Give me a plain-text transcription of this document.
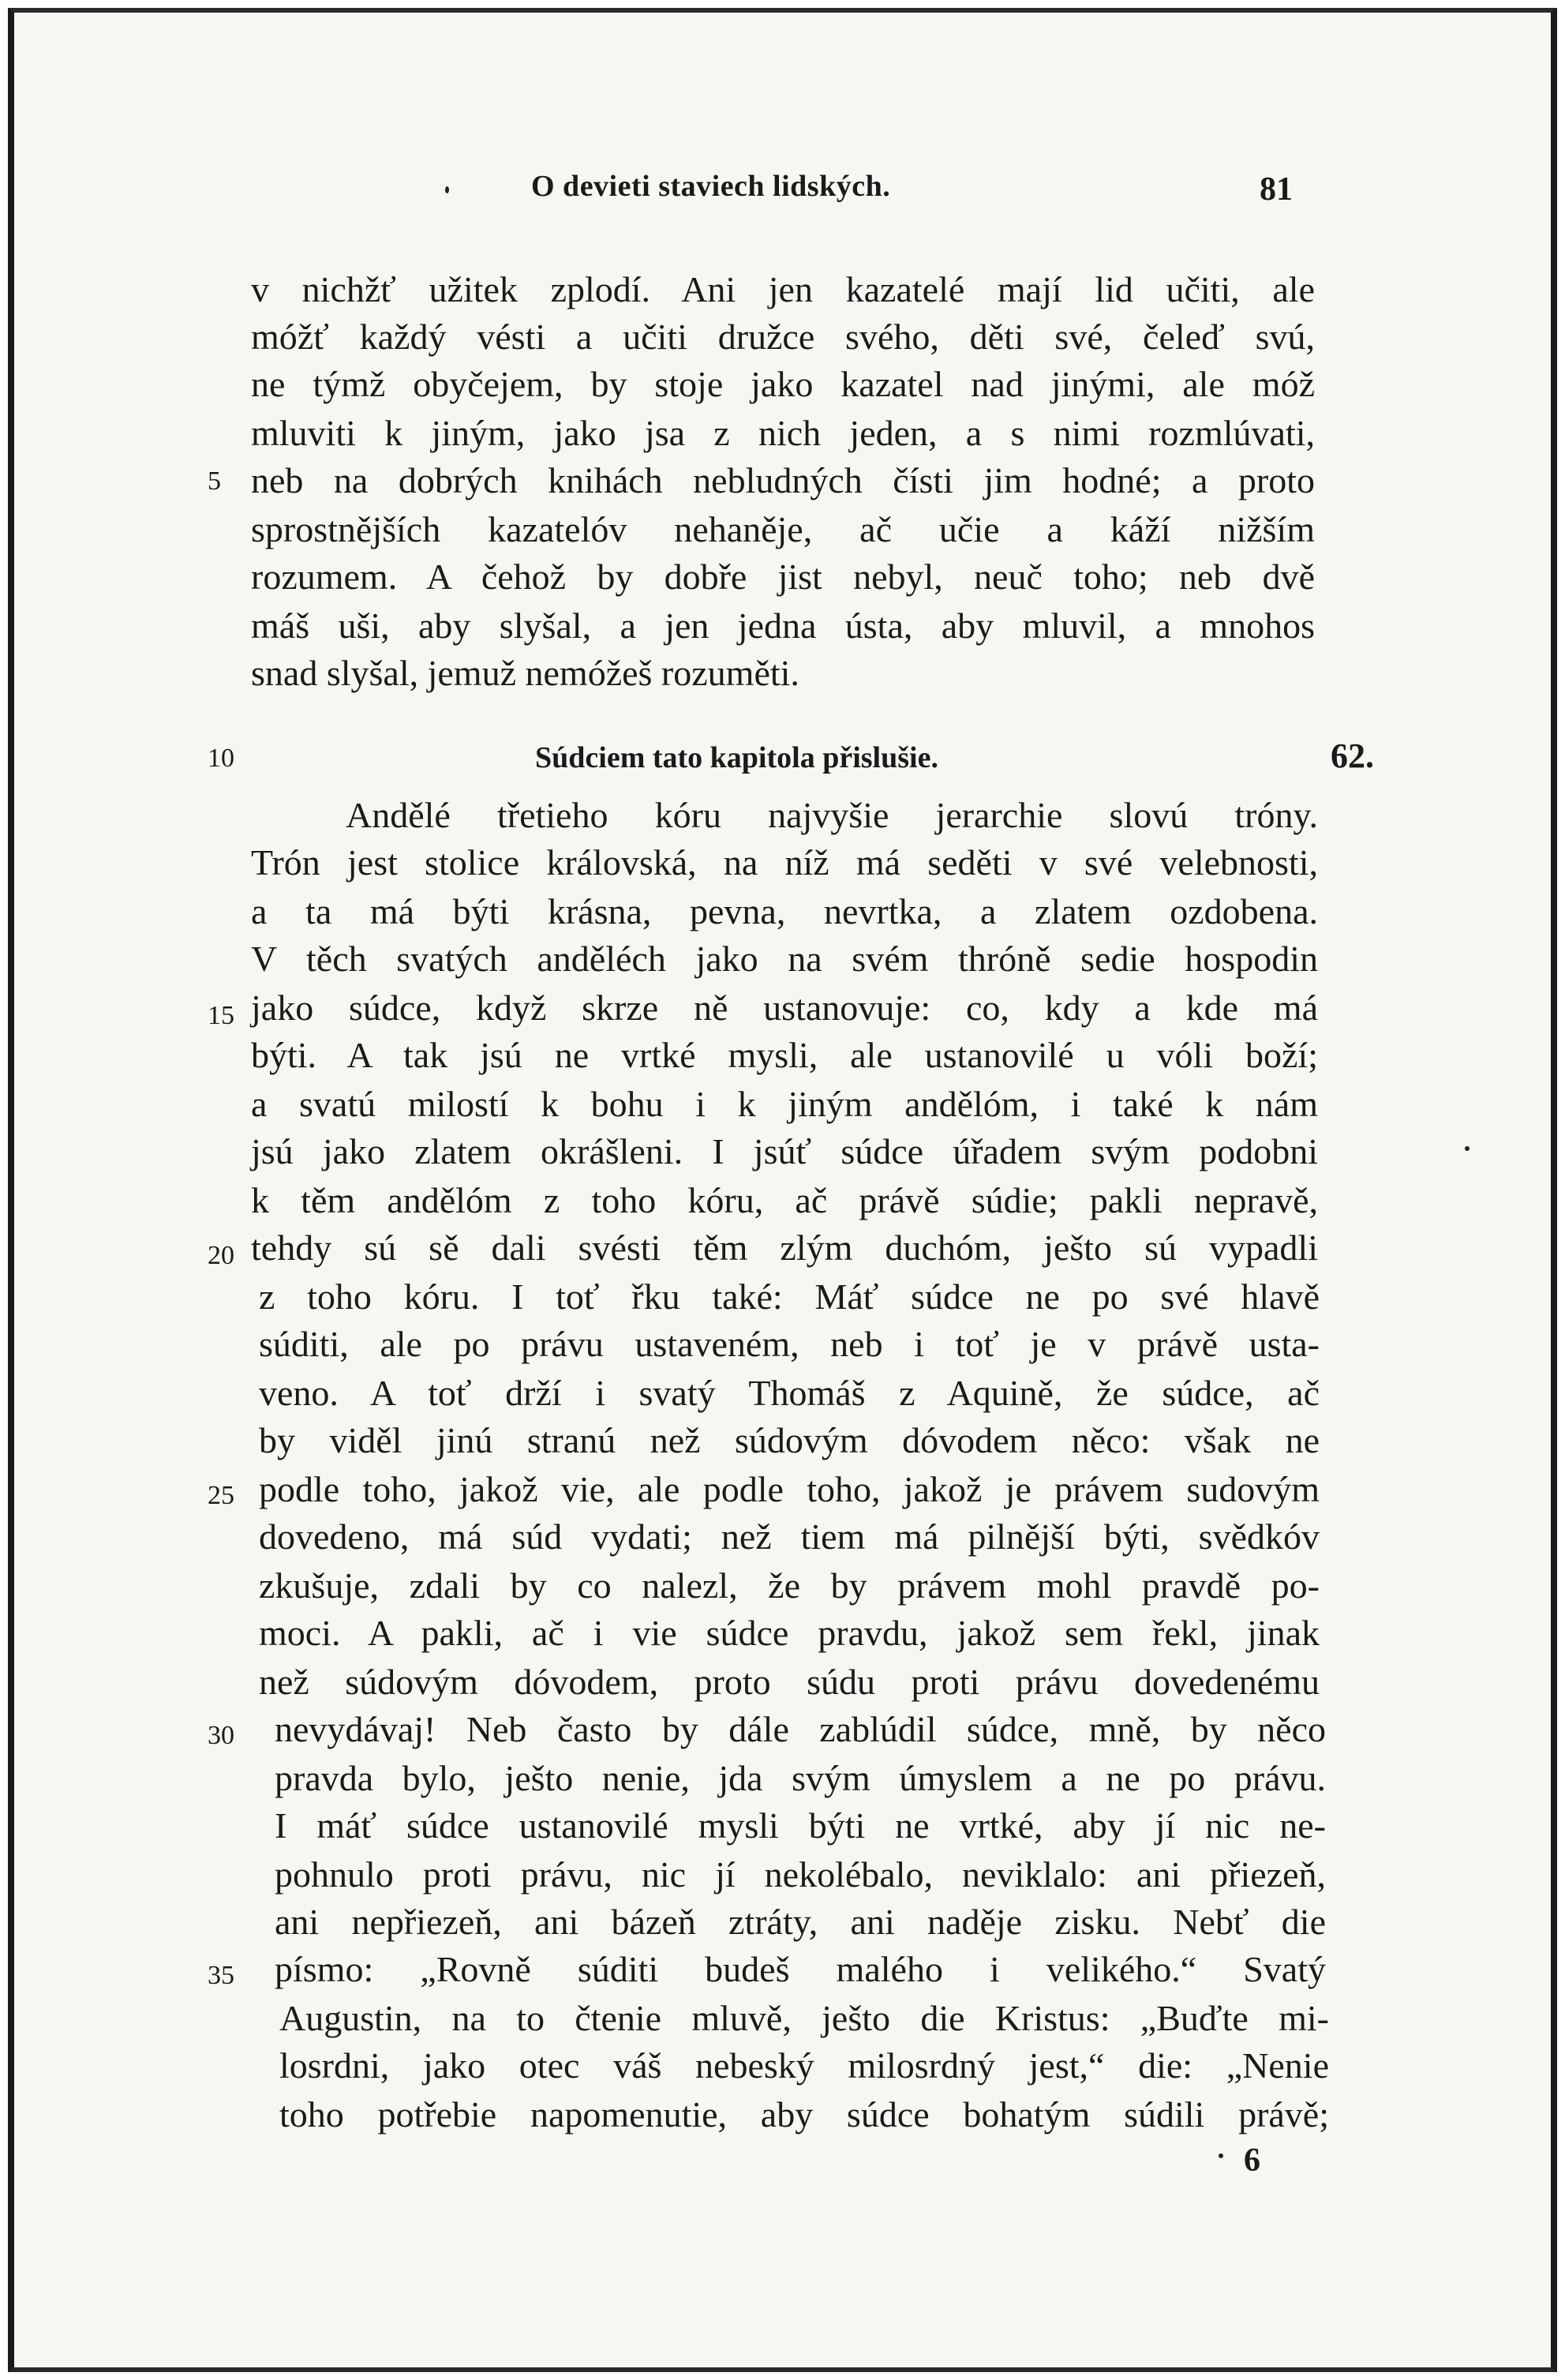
O devieti staviech lidských.	81
v nichžť užitek zplodí. Ani jen kazatelé mají lid učiti, ale
móžť každý vésti a učiti družce svého, děti své, čeleď svú,
ne týmž obyčejem, by stoje jako kazatel nad jinými, ale móž
mluviti k jiným, jako jsa z nich jeden, a s nimi rozmlúvati,
neb na dobrých knihách nebludných čísti jim hodné; a proto
sprostnějších kazatelóv nehaněje, ač učie a káží nižším
rozumem. A čehož by dobře jist nebyl, neuč toho; neb dvě
máš uši, aby slyšal, a jen jedna ústa, aby mluvil, a mnohos
snad slyšal, jemuž nemóžeš rozuměti.
5
10	Súdciem tato kapitola přislušie.	62.
Andělé třetieho kóru najvyšie jerarchie slovú tróny.
Trón jest stolice královská, na níž má seděti v své velebnosti,
a ta má býti krásna, pevna, nevrtka, a zlatem ozdobena.
V těch svatých anděléch jako na svém thróně sedie hospodin
jako súdce, když skrze ně ustanovuje: co, kdy a kde má
býti. A tak jsú ne vrtké mysli, ale ustanovilé u vóli boží;
a svatú milostí k bohu i k jiným andělóm, i také k nám
jsú jako zlatem okrášleni. I jsúť súdce úřadem svým podobni
k těm andělóm z toho kóru, ač právě súdie; pakli nepravě,
tehdy sú sě dali svésti těm zlým duchóm, ješto sú vypadli
z toho kóru. I toť řku také: Máť súdce ne po své hlavě
súditi, ale po právu ustaveném, neb i toť je v právě usta-
veno. A toť drží i svatý Thomáš z Aquině, že súdce, ač
by viděl jinú stranú než súdovým dóvodem něco: však ne
podle toho, jakož vie, ale podle toho, jakož je právem sudovým
dovedeno, má súd vydati; než tiem má pilnější býti, svědkóv
zkušuje, zdali by co nalezl, že by právem mohl pravdě po-
moci. A pakli, ač i vie súdce pravdu, jakož sem řekl, jinak
než súdovým dóvodem, proto súdu proti právu dovedenému
nevydávaj! Neb často by dále zablúdil súdce, mně, by něco
pravda bylo, ješto nenie, jda svým úmyslem a ne po právu.
I máť súdce ustanovilé mysli býti ne vrtké, aby jí nic ne-
pohnulo proti právu, nic jí nekolébalo, neviklalo: ani přiezeň,
ani nepřiezeň, ani bázeň ztráty, ani naděje zisku. Nebť die
písmo: „Rovně súditi budeš malého i velikého.“ Svatý
Augustin, na to čtenie mluvě, ješto die Kristus: „Buďte mi-
losrdni, jako otec váš nebeský milosrdný jest,“ die: „Nenie
toho potřebie napomenutie, aby súdce bohatým súdili právě;
15
20
25
30
35
6
